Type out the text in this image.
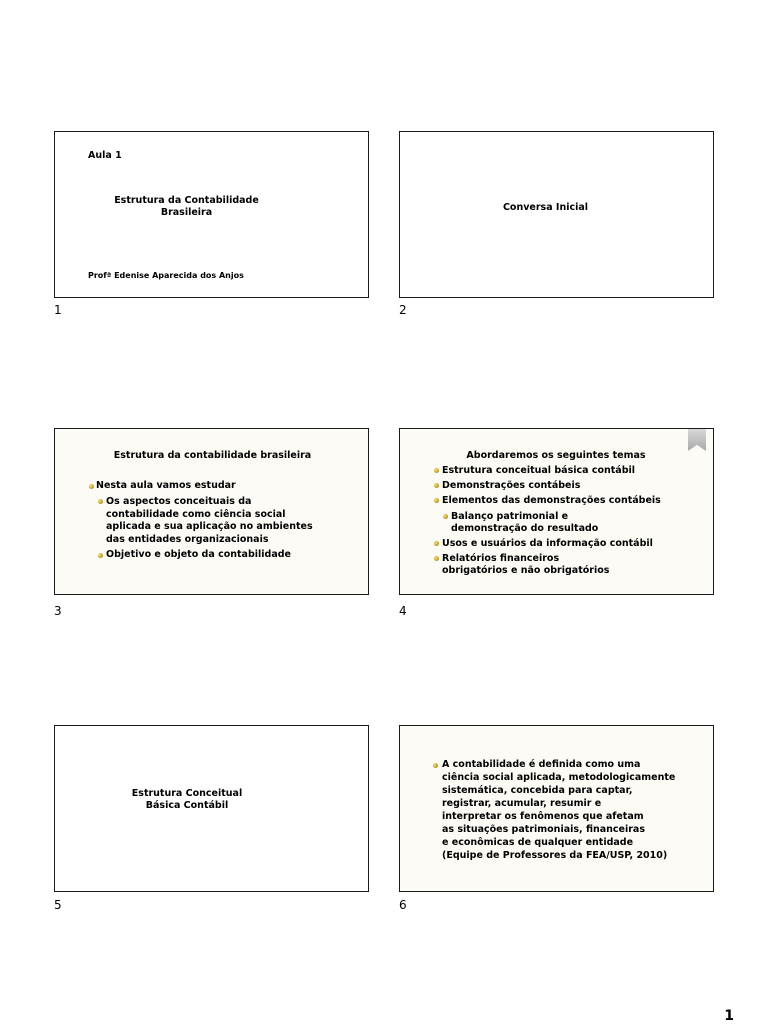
Aula 1
Estrutura da Contabilidade
Brasileira
Profª Edenise Aparecida dos Anjos
1
Conversa Inicial
2
Estrutura da contabilidade brasileira
Nesta aula vamos estudar
Os aspectos conceituais da
contabilidade como ciência social
aplicada e sua aplicação no ambientes
das entidades organizacionais
Objetivo e objeto da contabilidade
3
Abordaremos os seguintes temas
Estrutura conceitual básica contábil
Demonstrações contábeis
Elementos das demonstrações contábeis
Balanço patrimonial e
demonstração do resultado
Usos e usuários da informação contábil
Relatórios financeiros
obrigatórios e não obrigatórios
4
Estrutura Conceitual
Básica Contábil
5
A contabilidade é definida como uma
ciência social aplicada, metodologicamente
sistemática, concebida para captar,
registrar, acumular, resumir e
interpretar os fenômenos que afetam
as situações patrimoniais, financeiras
e econômicas de qualquer entidade
(Equipe de Professores da FEA/USP, 2010)
6
1
